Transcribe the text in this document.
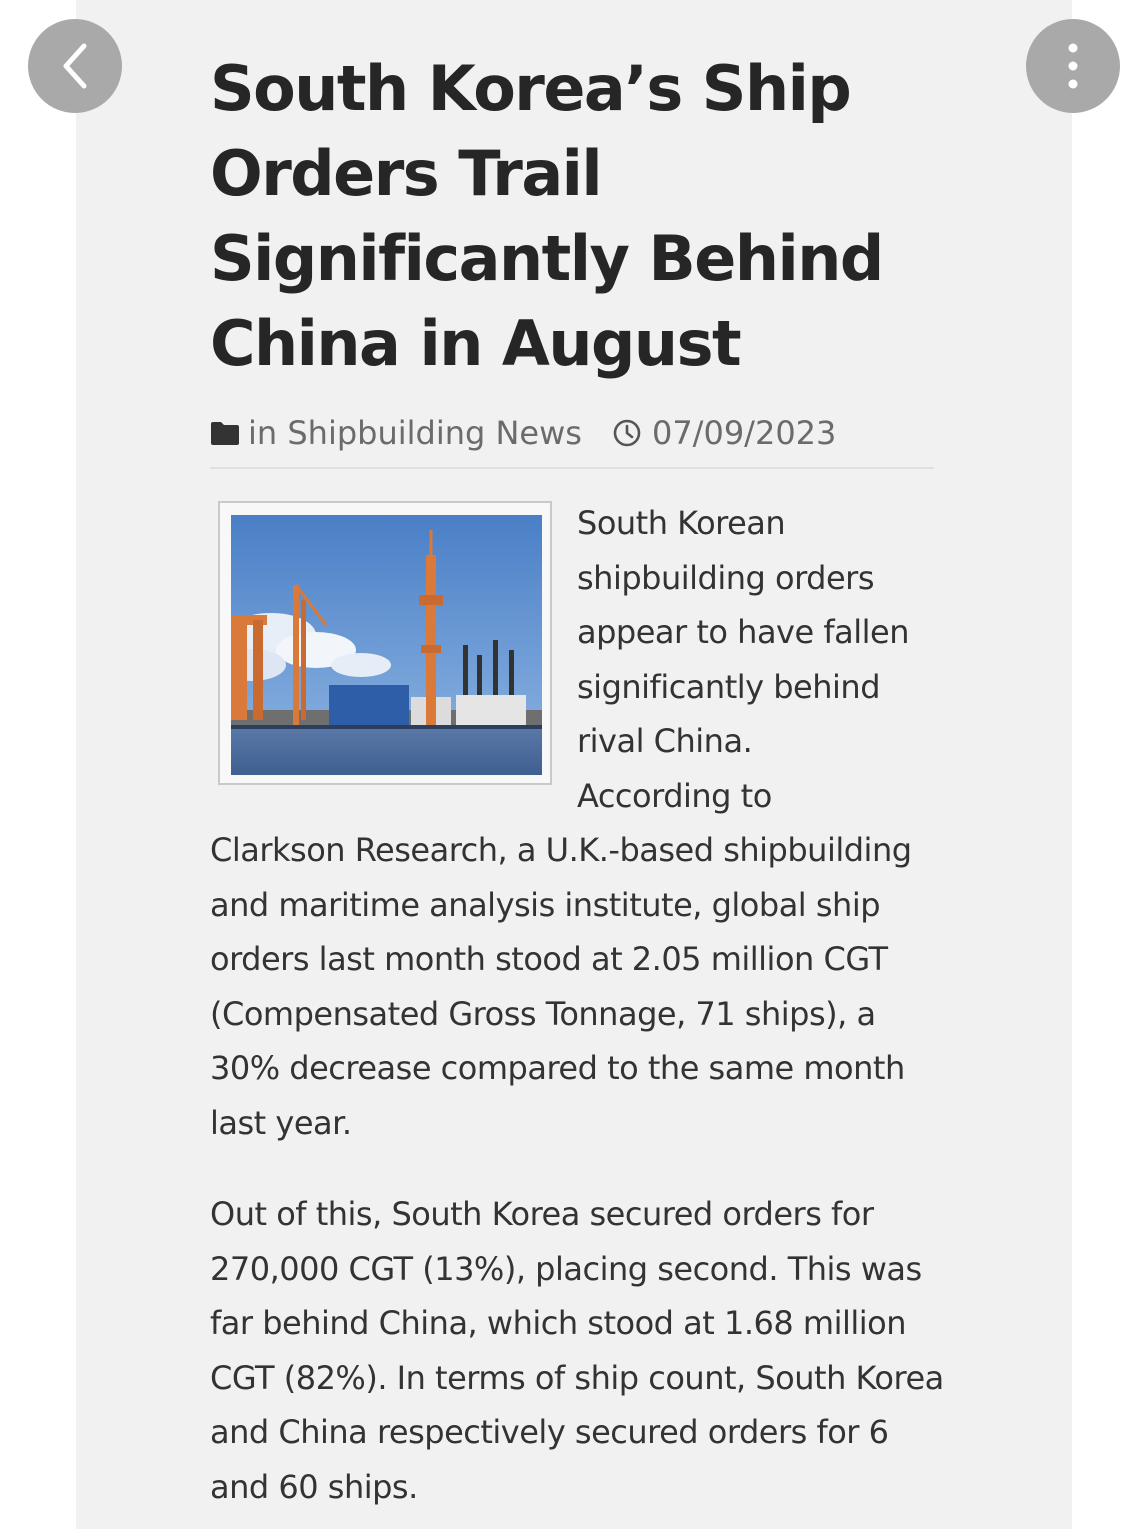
South Korea’s Ship Orders Trail Significantly Behind China in August
in Shipbuilding News 07/09/2023

South Korean
shipbuilding orders
appear to have fallen
significantly behind
rival China.
According to

Clarkson Research, a U.K.-based shipbuilding and maritime analysis institute, global ship orders last month stood at 2.05 million CGT (Compensated Gross Tonnage, 71 ships), a 30% decrease compared to the same month last year.

Out of this, South Korea secured orders for 270,000 CGT (13%), placing second. This was far behind China, which stood at 1.68 million CGT (82%). In terms of ship count, South Korea and China respectively secured orders for 6 and 60 ships.
